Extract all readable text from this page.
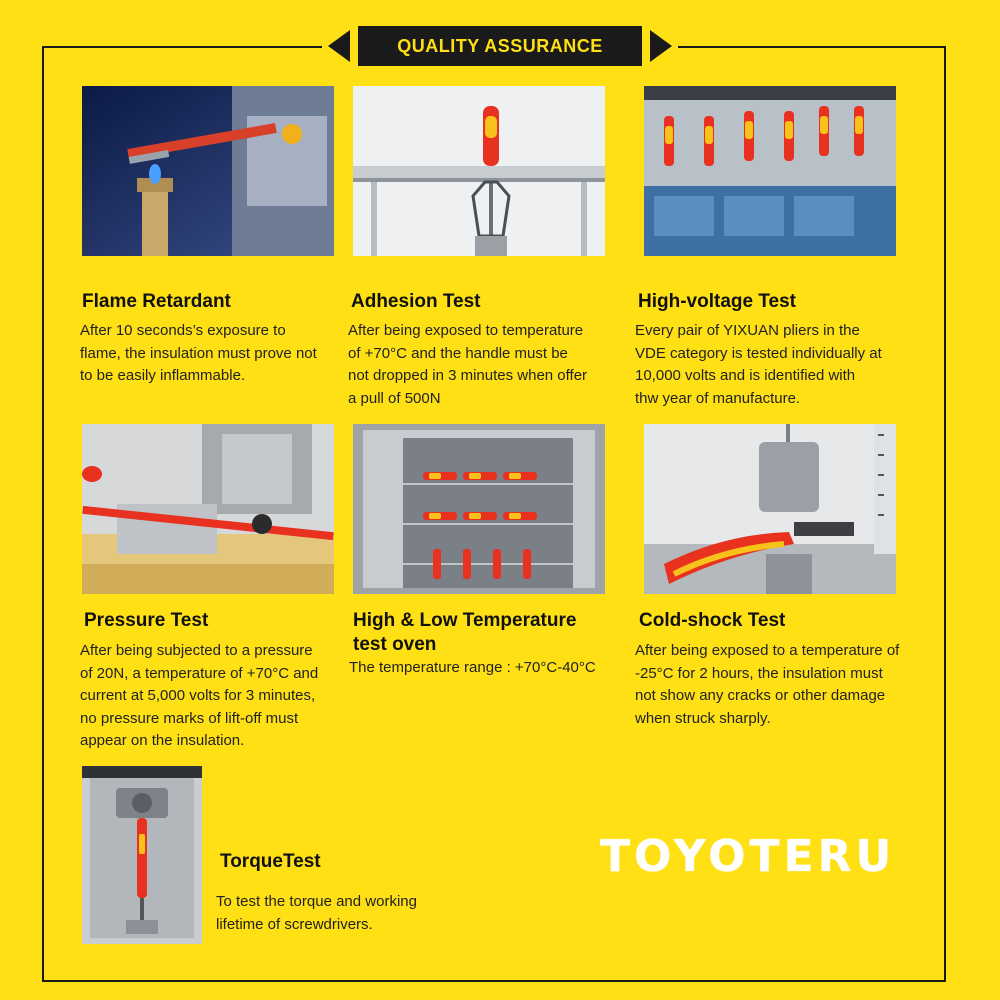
QUALITY ASSURANCE
Flame Retardant

After 10 seconds’s exposure to
flame, the insulation must prove not
to be easily inflammable.

Adhesion Test

After being exposed to temperature
of +70°C and the handle must be
not dropped in 3 minutes when offer
a pull of 500N

High-voltage Test

Every pair of YIXUAN pliers in the
VDE category is tested individually at
10,000 volts and is identified with
thw year of manufacture.

Pressure Test

After being subjected to a pressure
of 20N, a temperature of +70°C and
current at 5,000 volts for 3 minutes,
no pressure marks of lift-off must
appear on the insulation.

High & Low Temperature
test oven

The temperature range : +70°C-40°C

Cold-shock Test

After being exposed to a temperature of
-25°C for 2 hours, the insulation must
not show any cracks or other damage
when struck sharply.

TorqueTest

To test the torque and working
lifetime of screwdrivers.

TOYOTERU
